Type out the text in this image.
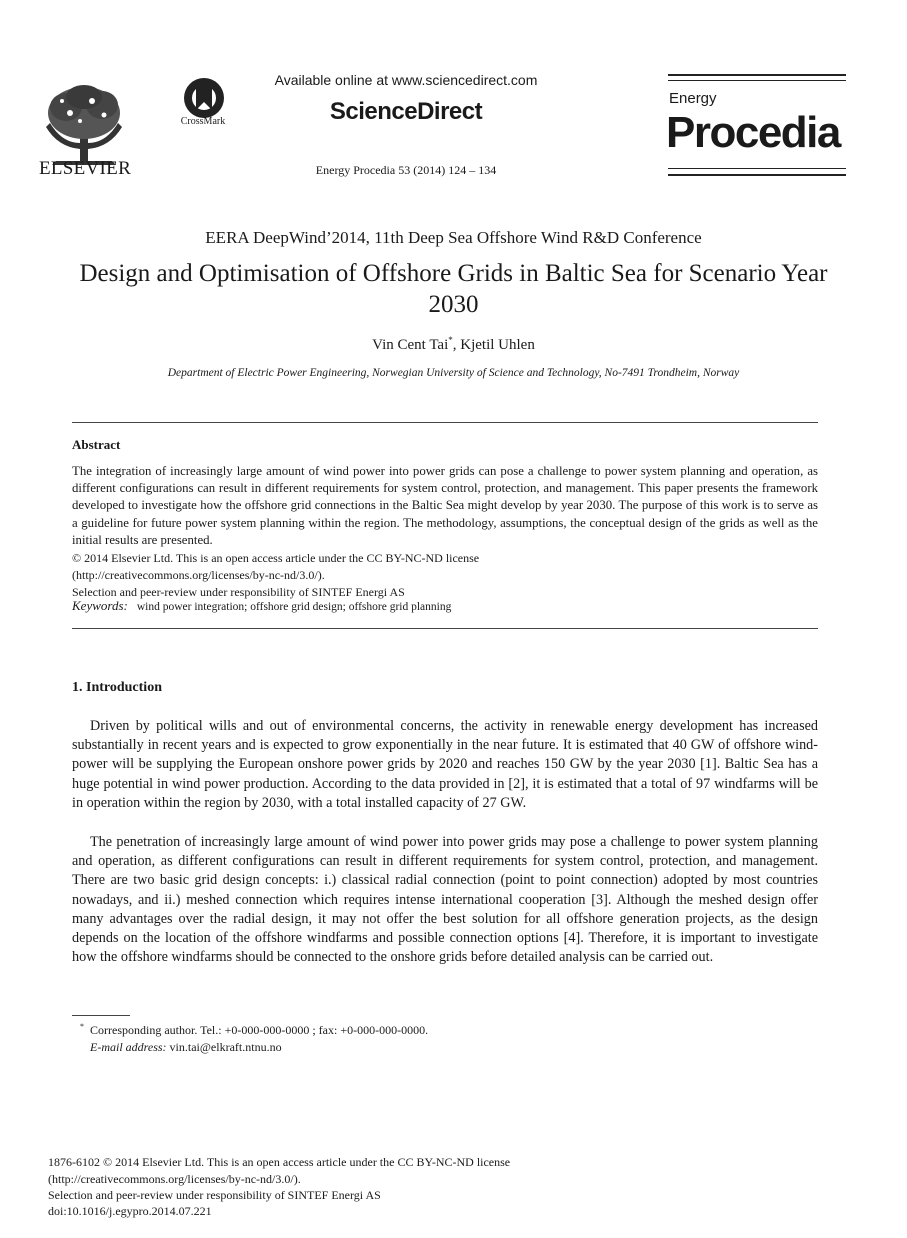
ELSEVIER
CrossMark
Available online at www.sciencedirect.com
ScienceDirect
Energy Procedia 53 (2014) 124 – 134
Energy
Procedia
EERA DeepWind’2014, 11th Deep Sea Offshore Wind R&D Conference
Design and Optimisation of Offshore Grids in Baltic Sea for Scenario Year 2030
Vin Cent Tai*, Kjetil Uhlen
Department of Electric Power Engineering, Norwegian University of Science and Technology, No-7491 Trondheim, Norway
Abstract

The integration of increasingly large amount of wind power into power grids can pose a challenge to power system planning and operation, as different configurations can result in different requirements for system control, protection, and management. This paper presents the framework developed to investigate how the offshore grid connections in the Baltic Sea might develop by year 2030. The purpose of this work is to serve as a guideline for future power system planning within the region. The methodology, assumptions, the conceptual design of the grids as well as the initial results are presented.

© 2014 Elsevier Ltd. This is an open access article under the CC BY-NC-ND license
(http://creativecommons.org/licenses/by-nc-nd/3.0/).
Selection and peer-review under responsibility of SINTEF Energi AS
Keywords: wind power integration; offshore grid design; offshore grid planning
1. Introduction

Driven by political wills and out of environmental concerns, the activity in renewable energy development has increased substantially in recent years and is expected to grow exponentially in the near future. It is estimated that 40 GW of offshore wind-power will be supplying the European onshore power grids by 2020 and reaches 150 GW by the year 2030 [1]. Baltic Sea has a huge potential in wind power production. According to the data provided in [2], it is estimated that a total of 97 windfarms will be in operation within the region by 2030, with a total installed capacity of 27 GW.

The penetration of increasingly large amount of wind power into power grids may pose a challenge to power system planning and operation, as different configurations can result in different requirements for system control, protection, and management. There are two basic grid design concepts: i.) classical radial connection (point to point connection) adopted by most countries nowadays, and ii.) meshed connection which requires intense international cooperation [3]. Although the meshed design offer many advantages over the radial design, it may not offer the best solution for all offshore generation projects, as the design depends on the location of the offshore windfarms and possible connection options [4]. Therefore, it is important to investigate how the offshore windfarms should be connected to the onshore grids before detailed analysis can be carried out.

* Corresponding author. Tel.: +0-000-000-0000 ; fax: +0-000-000-0000.
E-mail address: vin.tai@elkraft.ntnu.no
1876-6102 © 2014 Elsevier Ltd. This is an open access article under the CC BY-NC-ND license
(http://creativecommons.org/licenses/by-nc-nd/3.0/).
Selection and peer-review under responsibility of SINTEF Energi AS
doi:10.1016/j.egypro.2014.07.221
